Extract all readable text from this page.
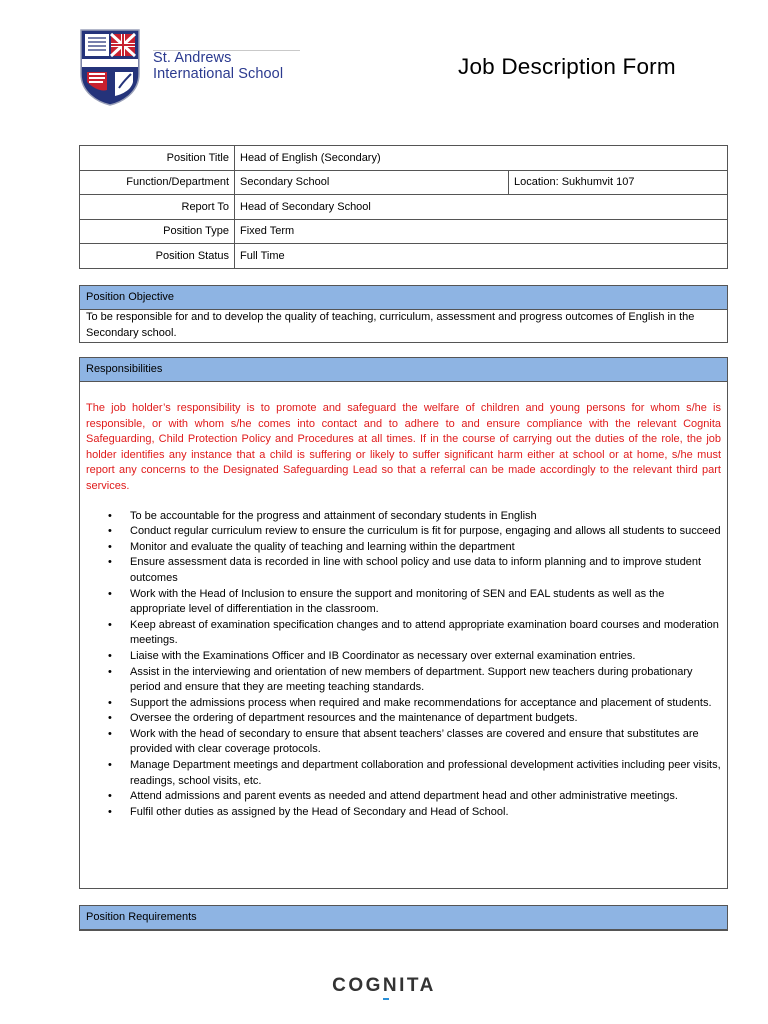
St. Andrews
International School	Job Description Form
Position Title	Head of English (Secondary)	
Function/Department	Secondary School	Location: Sukhumvit 107
Report To	Head of Secondary School	
Position Type	Fixed Term	
Position Status	Full Time	
Position Objective
To be responsible for and to develop the quality of teaching, curriculum, assessment and progress outcomes of English in the Secondary school.
Responsibilities
The job holder’s responsibility is to promote and safeguard the welfare of children and young persons for whom s/he is responsible, or with whom s/he comes into contact and to adhere to and ensure compliance with the relevant Cognita Safeguarding, Child Protection Policy and Procedures at all times. If in the course of carrying out the duties of the role, the job holder identifies any instance that a child is suffering or likely to suffer significant harm either at school or at home, s/he must report any concerns to the Designated Safeguarding Lead so that a referral can be made accordingly to the relevant third part services.
• To be accountable for the progress and attainment of secondary students in English
• Conduct regular curriculum review to ensure the curriculum is fit for purpose, engaging and allows all students to succeed
• Monitor and evaluate the quality of teaching and learning within the department
• Ensure assessment data is recorded in line with school policy and use data to inform planning and to improve student outcomes
• Work with the Head of Inclusion to ensure the support and monitoring of SEN and EAL students as well as the appropriate level of differentiation in the classroom.
• Keep abreast of examination specification changes and to attend appropriate examination board courses and moderation meetings.
• Liaise with the Examinations Officer and IB Coordinator as necessary over external examination entries.
• Assist in the interviewing and orientation of new members of department. Support new teachers during probationary period and ensure that they are meeting teaching standards.
• Support the admissions process when required and make recommendations for acceptance and placement of students.
• Oversee the ordering of department resources and the maintenance of department budgets.
• Work with the head of secondary to ensure that absent teachers’ classes are covered and ensure that substitutes are provided with clear coverage protocols.
• Manage Department meetings and department collaboration and professional development activities including peer visits, readings, school visits, etc.
• Attend admissions and parent events as needed and attend department head and other administrative meetings.
• Fulfil other duties as assigned by the Head of Secondary and Head of School.
Position Requirements
COGNITA
